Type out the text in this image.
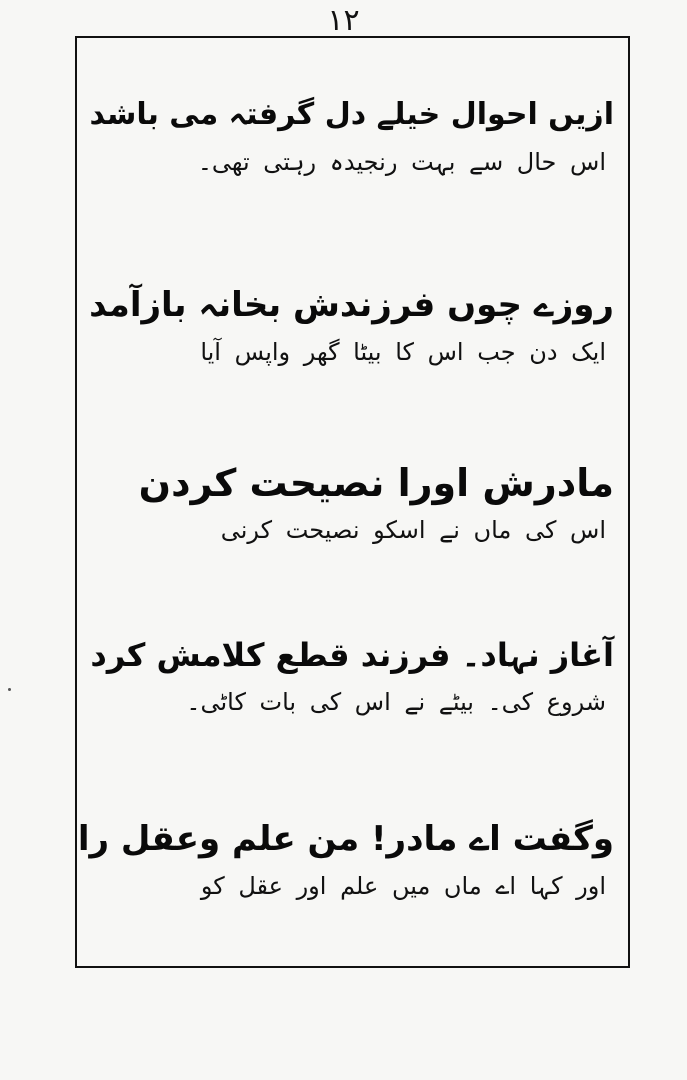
۱۲
ازیں احوال خیلے دل گرفتہ می باشد
اس حال سے بہت رنجیدہ رہتی تھی۔
روزے چوں فرزندش بخانہ بازآمد
ایک دن جب اس کا بیٹا گھر واپس آیا
مادرش اورا نصیحت کردن
اس کی ماں نے اسکو نصیحت کرنی
آغاز نہاد۔ فرزند قطع کلامش کرد
شروع کی۔ بیٹے نے اس کی بات کاٹی۔
وگفت اے مادر! من علم وعقل را
اور کہا اے ماں میں علم اور عقل کو
